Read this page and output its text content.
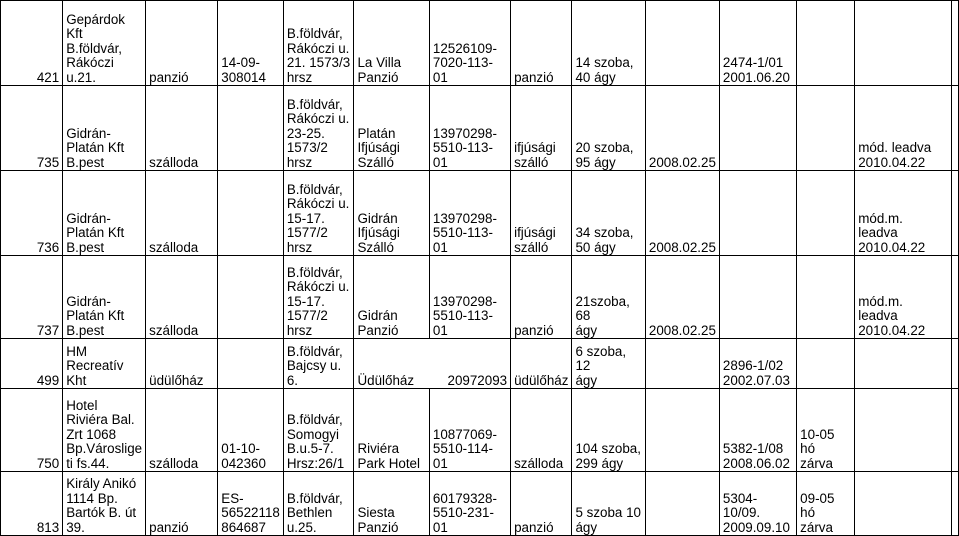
421	Gepárdok
Kft
B.földvár,
Rákóczi
u.21.	panzió	14-09-
308014	B.földvár,
Rákóczi u.
21. 1573/3
hrsz	La Villa
Panzió	12526109-
7020-113-
01	panzió	14 szoba,
40 ágy		2474-1/01
2001.06.20			
735	Gidrán-
Platán Kft
B.pest	szálloda		B.földvár,
Rákóczi u.
23-25.
1573/2
hrsz	Platán
Ifjúsági
Szálló	13970298-
5510-113-
01	ifjúsági
szálló	20 szoba,
95 ágy	2008.02.25			mód. leadva
2010.04.22	
736	Gidrán-
Platán Kft
B.pest	szálloda		B.földvár,
Rákóczi u.
15-17.
1577/2
hrsz	Gidrán
Ifjúsági
Szálló	13970298-
5510-113-
01	ifjúsági
szálló	34 szoba,
50 ágy	2008.02.25			mód.m.
leadva
2010.04.22	
737	Gidrán-
Platán Kft
B.pest	szálloda		B.földvár,
Rákóczi u.
15-17.
1577/2
hrsz	Gidrán
Panzió	13970298-
5510-113-
01	panzió	21szoba, 68
ágy	2008.02.25			mód.m.
leadva
2010.04.22	
499	HM
Recreatív
Kht	üdülőház		B.földvár,
Bajcsy u.
6.	Üdülőház 20972093		üdülőház	6 szoba, 12
ágy		2896-1/02
2002.07.03			
750	Hotel
Riviéra Bal.
Zrt 1068
Bp.Városlige
ti fs.44.	szálloda	01-10-
042360	B.földvár,
Somogyi
B.u.5-7.
Hrsz:26/1	Riviéra
Park Hotel	10877069-
5510-114-
01	szálloda	104 szoba,
299 ágy		5382-1/08
2008.06.02	10-05 hó
zárva		
813	Király Anikó
1114 Bp.
Bartók B. út
39.	panzió	ES-
56522118
864687	B.földvár,
Bethlen
u.25.	Siesta
Panzió	60179328-
5510-231-
01	panzió	5 szoba 10
ágy		5304-10/09.
2009.09.10	09-05 hó
zárva		
